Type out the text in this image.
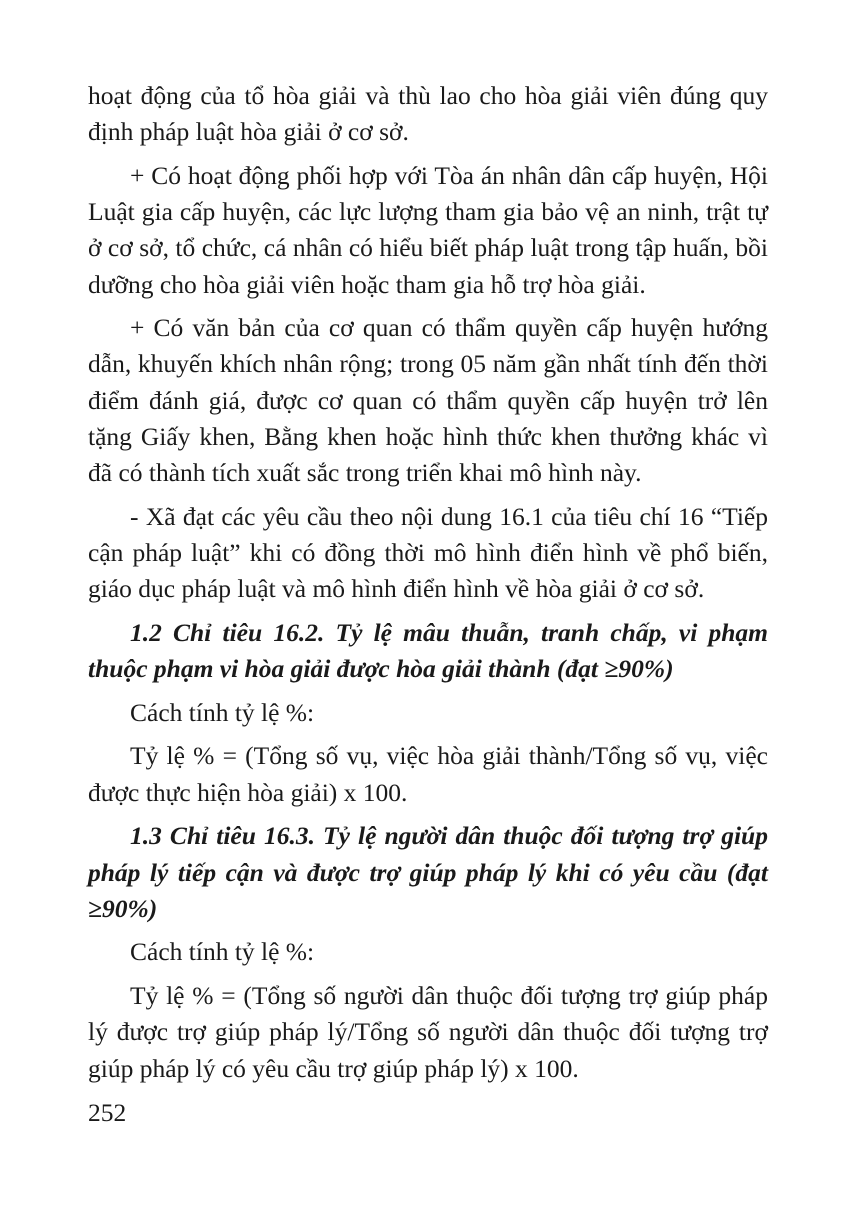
hoạt động của tổ hòa giải và thù lao cho hòa giải viên đúng quy định pháp luật hòa giải ở cơ sở.

+ Có hoạt động phối hợp với Tòa án nhân dân cấp huyện, Hội Luật gia cấp huyện, các lực lượng tham gia bảo vệ an ninh, trật tự ở cơ sở, tổ chức, cá nhân có hiểu biết pháp luật trong tập huấn, bồi dưỡng cho hòa giải viên hoặc tham gia hỗ trợ hòa giải.

+ Có văn bản của cơ quan có thẩm quyền cấp huyện hướng dẫn, khuyến khích nhân rộng; trong 05 năm gần nhất tính đến thời điểm đánh giá, được cơ quan có thẩm quyền cấp huyện trở lên tặng Giấy khen, Bằng khen hoặc hình thức khen thưởng khác vì đã có thành tích xuất sắc trong triển khai mô hình này.

- Xã đạt các yêu cầu theo nội dung 16.1 của tiêu chí 16 “Tiếp cận pháp luật” khi có đồng thời mô hình điển hình về phổ biến, giáo dục pháp luật và mô hình điển hình về hòa giải ở cơ sở.

1.2 Chỉ tiêu 16.2. Tỷ lệ mâu thuẫn, tranh chấp, vi phạm thuộc phạm vi hòa giải được hòa giải thành (đạt ≥90%)

Cách tính tỷ lệ %:

Tỷ lệ % = (Tổng số vụ, việc hòa giải thành/Tổng số vụ, việc được thực hiện hòa giải) x 100.

1.3 Chỉ tiêu 16.3. Tỷ lệ người dân thuộc đối tượng trợ giúp pháp lý tiếp cận và được trợ giúp pháp lý khi có yêu cầu (đạt ≥90%)

Cách tính tỷ lệ %:

Tỷ lệ % = (Tổng số người dân thuộc đối tượng trợ giúp pháp lý được trợ giúp pháp lý/Tổng số người dân thuộc đối tượng trợ giúp pháp lý có yêu cầu trợ giúp pháp lý) x 100.

252
